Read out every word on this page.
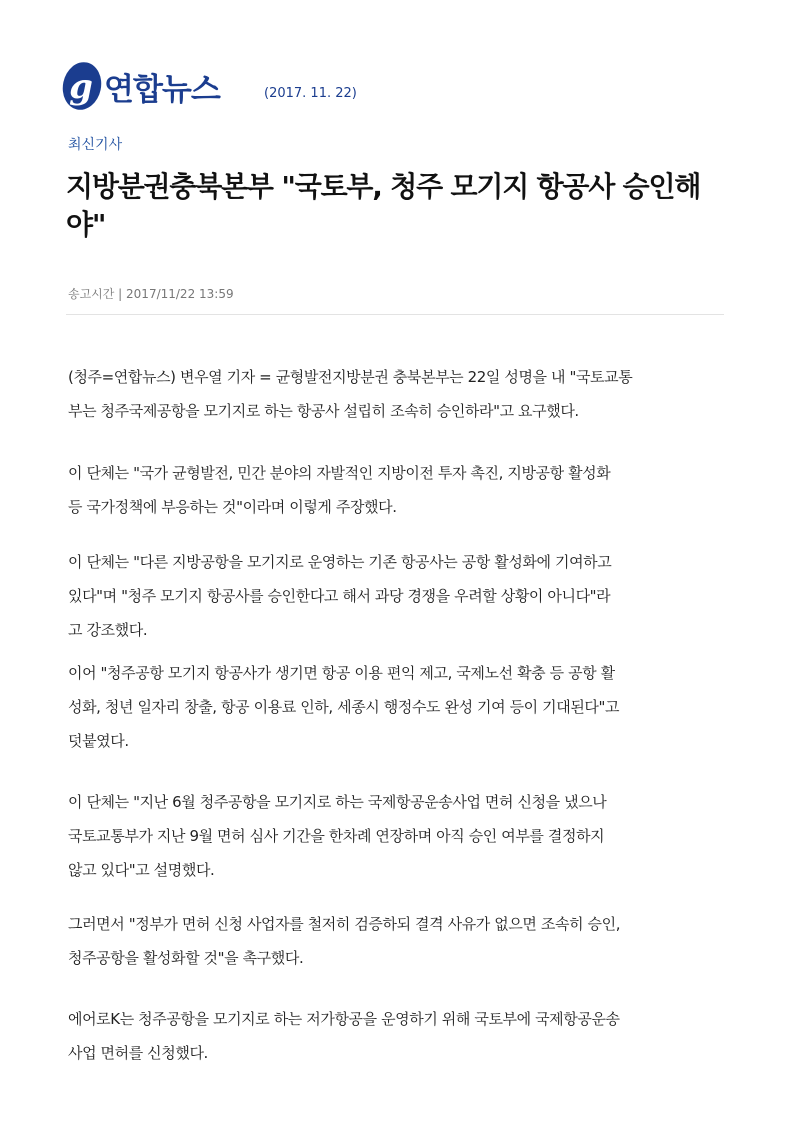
g 연합뉴스	(2017. 11. 22)
최신기사
지방분권충북본부 "국토부, 청주 모기지 항공사 승인해
야"
송고시간 | 2017/11/22 13:59
(청주=연합뉴스) 변우열 기자 = 균형발전지방분권 충북본부는 22일 성명을 내 "국토교통
부는 청주국제공항을 모기지로 하는 항공사 설립히 조속히 승인하라"고 요구했다.
이 단체는 "국가 균형발전, 민간 분야의 자발적인 지방이전 투자 촉진, 지방공항 활성화
등 국가정책에 부응하는 것"이라며 이렇게 주장했다.
이 단체는 "다른 지방공항을 모기지로 운영하는 기존 항공사는 공항 활성화에 기여하고
있다"며 "청주 모기지 항공사를 승인한다고 해서 과당 경쟁을 우려할 상황이 아니다"라
고 강조했다.
이어 "청주공항 모기지 항공사가 생기면 항공 이용 편익 제고, 국제노선 확충 등 공항 활
성화, 청년 일자리 창출, 항공 이용료 인하, 세종시 행정수도 완성 기여 등이 기대된다"고
덧붙였다.
이 단체는 "지난 6월 청주공항을 모기지로 하는 국제항공운송사업 면허 신청을 냈으나
국토교통부가 지난 9월 면허 심사 기간을 한차례 연장하며 아직 승인 여부를 결정하지
않고 있다"고 설명했다.
그러면서 "정부가 면허 신청 사업자를 철저히 검증하되 결격 사유가 없으면 조속히 승인,
청주공항을 활성화할 것"을 촉구했다.
에어로K는 청주공항을 모기지로 하는 저가항공을 운영하기 위해 국토부에 국제항공운송
사업 면허를 신청했다.
